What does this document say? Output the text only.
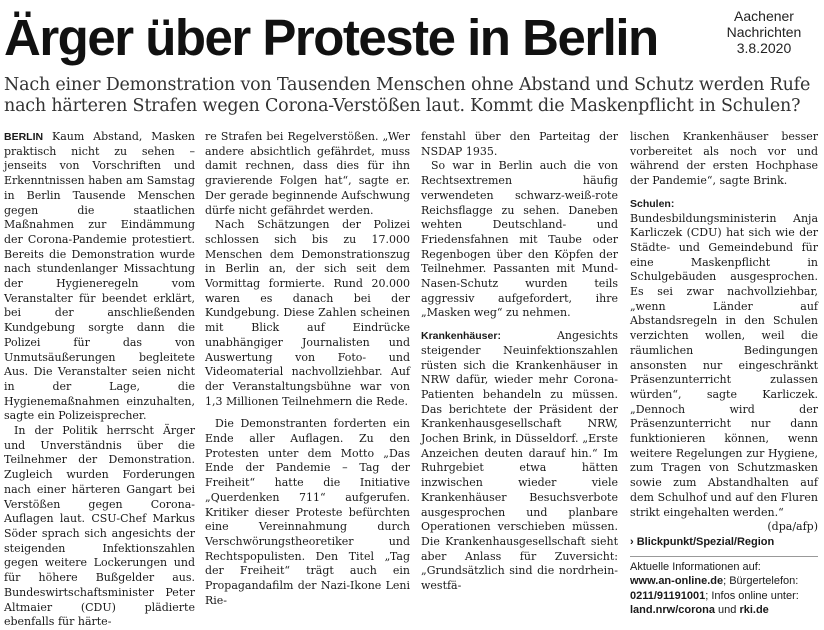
Ärger über Proteste in Berlin	Aachener
Nachrichten
3.8.2020
Nach einer Demonstration von Tausenden Menschen ohne Abstand und Schutz werden Rufe nach härteren Strafen wegen Corona-Verstößen laut. Kommt die Maskenpflicht in Schulen?

BERLIN Kaum Abstand, Masken praktisch nicht zu sehen – jenseits von Vorschriften und Erkenntnissen haben am Samstag in Berlin Tausende Menschen gegen die staatlichen Maßnahmen zur Eindämmung der Corona-Pandemie protestiert. Bereits die Demonstration wurde nach stundenlanger Missachtung der Hygieneregeln vom Veranstalter für beendet erklärt, bei der anschließenden Kundgebung sorgte dann die Polizei für das von Unmutsäußerungen begleitete Aus. Die Veranstalter seien nicht in der Lage, die Hygienemaßnahmen einzuhalten, sagte ein Polizeisprecher.

In der Politik herrscht Ärger und Unverständnis über die Teilnehmer der Demonstration. Zugleich wurden Forderungen nach einer härteren Gangart bei Verstößen gegen Corona-Auflagen laut. CSU-Chef Markus Söder sprach sich angesichts der steigenden Infektionszahlen gegen weitere Lockerungen und für höhere Bußgelder aus. Bundeswirtschaftsminister Peter Altmaier (CDU) plädierte ebenfalls für härte-

re Strafen bei Regelverstößen. „Wer andere absichtlich gefährdet, muss damit rechnen, dass dies für ihn gravierende Folgen hat“, sagte er. Der gerade beginnende Aufschwung dürfe nicht gefährdet werden.

Nach Schätzungen der Polizei schlossen sich bis zu 17.000 Menschen dem Demonstrationszug in Berlin an, der sich seit dem Vormittag formierte. Rund 20.000 waren es danach bei der Kundgebung. Diese Zahlen scheinen mit Blick auf Eindrücke unabhängiger Journalisten und Auswertung von Foto- und Videomaterial nachvollziehbar. Auf der Veranstaltungsbühne war von 1,3 Millionen Teilnehmern die Rede.

Die Demonstranten forderten ein Ende aller Auflagen. Zu den Protesten unter dem Motto „Das Ende der Pandemie – Tag der Freiheit“ hatte die Initiative „Querdenken 711“ aufgerufen. Kritiker dieser Proteste befürchten eine Vereinnahmung durch Verschwörungstheoretiker und Rechtspopulisten. Den Titel „Tag der Freiheit“ trägt auch ein Propagandafilm der Nazi-Ikone Leni Rie-

fenstahl über den Parteitag der NSDAP 1935.

So war in Berlin auch die von Rechtsextremen häufig verwendeten schwarz-weiß-rote Reichsflagge zu sehen. Daneben wehten Deutschland- und Friedensfahnen mit Taube oder Regenbogen über den Köpfen der Teilnehmer. Passanten mit Mund-Nasen-Schutz wurden teils aggressiv aufgefordert, ihre „Masken weg“ zu nehmen.

Krankenhäuser:	Angesichts steigender Neuinfektionszahlen rüsten sich die Krankenhäuser in NRW dafür, wieder mehr Corona-Patienten behandeln zu müssen. Das berichtete der Präsident der Krankenhausgesellschaft NRW, Jochen Brink, in Düsseldorf. „Erste Anzeichen deuten darauf hin.“ Im Ruhrgebiet etwa hätten inzwischen wieder viele Krankenhäuser Besuchsverbote ausgesprochen und planbare Operationen verschieben müssen. Die Krankenhausgesellschaft sieht aber Anlass für Zuversicht: „Grundsätzlich sind die nordrhein-westfä-

lischen Krankenhäuser besser vorbereitet als noch vor und während der ersten Hochphase der Pandemie“, sagte Brink.

Schulen: Bundesbildungsministerin Anja Karliczek (CDU) hat sich wie der Städte- und Gemeindebund für eine Maskenpflicht in Schulgebäuden ausgesprochen. Es sei zwar nachvollziehbar, „wenn Länder auf Abstandsregeln in den Schulen verzichten wollen, weil die räumlichen Bedingungen ansonsten nur eingeschränkt Präsenzunterricht zulassen würden“, sagte Karliczek. „Dennoch wird der Präsenzunterricht nur dann funktionieren können, wenn weitere Regelungen zur Hygiene, zum Tragen von Schutzmasken sowie zum Abstandhalten auf dem Schulhof und auf den Fluren strikt eingehalten werden.“

(dpa/afp)

› Blickpunkt/Spezial/Region

Aktuelle Informationen auf:
www.an-online.de; Bürgertelefon: 0211/91191001; Infos online unter: land.nrw/corona und rki.de
